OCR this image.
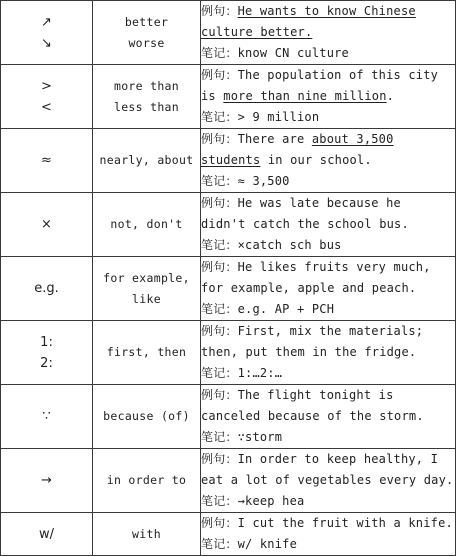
↗
↘	better
worse	例句：He wants to know Chinese
culture better.
笔记：know CN culture

>
<	more than
less than	例句：The population of this city
is more than nine million.
笔记：> 9 million

≈	nearly, about	例句：There are about 3,500
students in our school.
笔记：≈ 3,500

×	not, don't	例句：He was late because he
didn't catch the school bus.
笔记：×catch sch bus

e.g.	for example,
like	例句：He likes fruits very much,
for example, apple and peach.
笔记：e.g. AP + PCH

1:
2:	first, then	例句：First, mix the materials;
then, put them in the fridge.
笔记：1:…2:…

∵	because (of)	例句：The flight tonight is
canceled because of the storm.
笔记：∵storm

→	in order to	例句：In order to keep healthy, I
eat a lot of vegetables every day.
笔记：→keep hea

w/	with	例句：I cut the fruit with a knife.
笔记：w/ knife
